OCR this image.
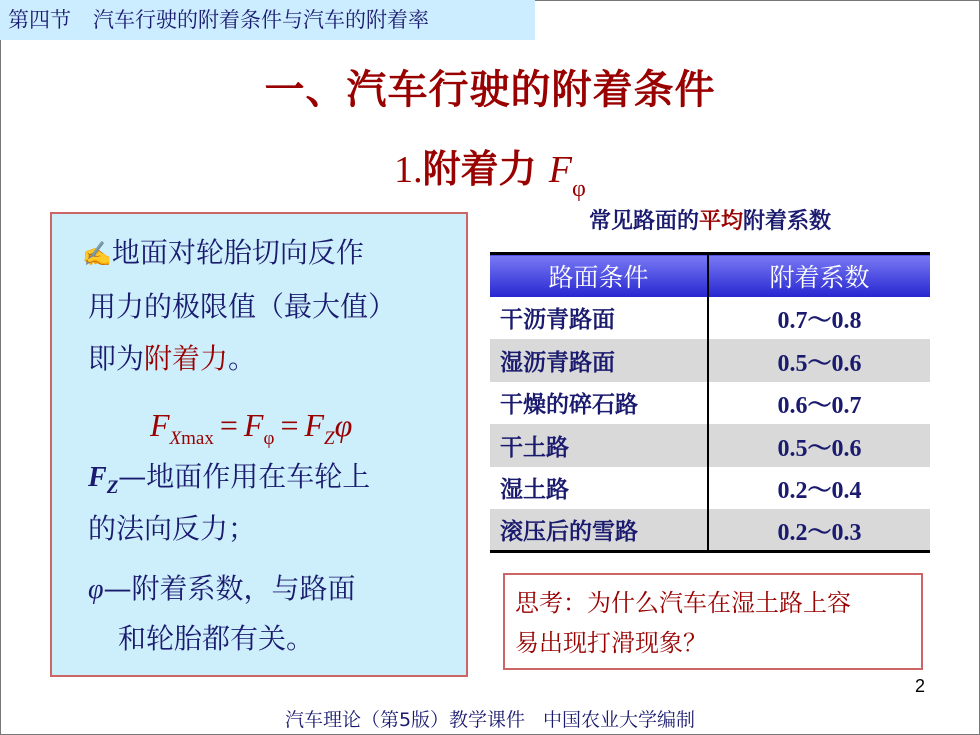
第四节 汽车行驶的附着条件与汽车的附着率
一、汽车行驶的附着条件
1.附着力 $F_\varphi$
✍地面对轮胎切向反作
用力的极限值（最大值）
即为附着力。
$F_{Xmax} = F_\varphi = F_Z\varphi$
$F_Z—$地面作用在车轮上
的法向反力；
φ—附着系数，与路面
和轮胎都有关。
常见路面的平均附着系数
路面条件	附着系数
干沥青路面	0.7～0.8
湿沥青路面	0.5～0.6
干燥的碎石路	0.6～0.7
干土路	0.5～0.6
湿土路	0.2～0.4
滚压后的雪路	0.2～0.3
思考：为什么汽车在湿土路上容
易出现打滑现象？
2
汽车理论（第5版）教学课件 中国农业大学编制
